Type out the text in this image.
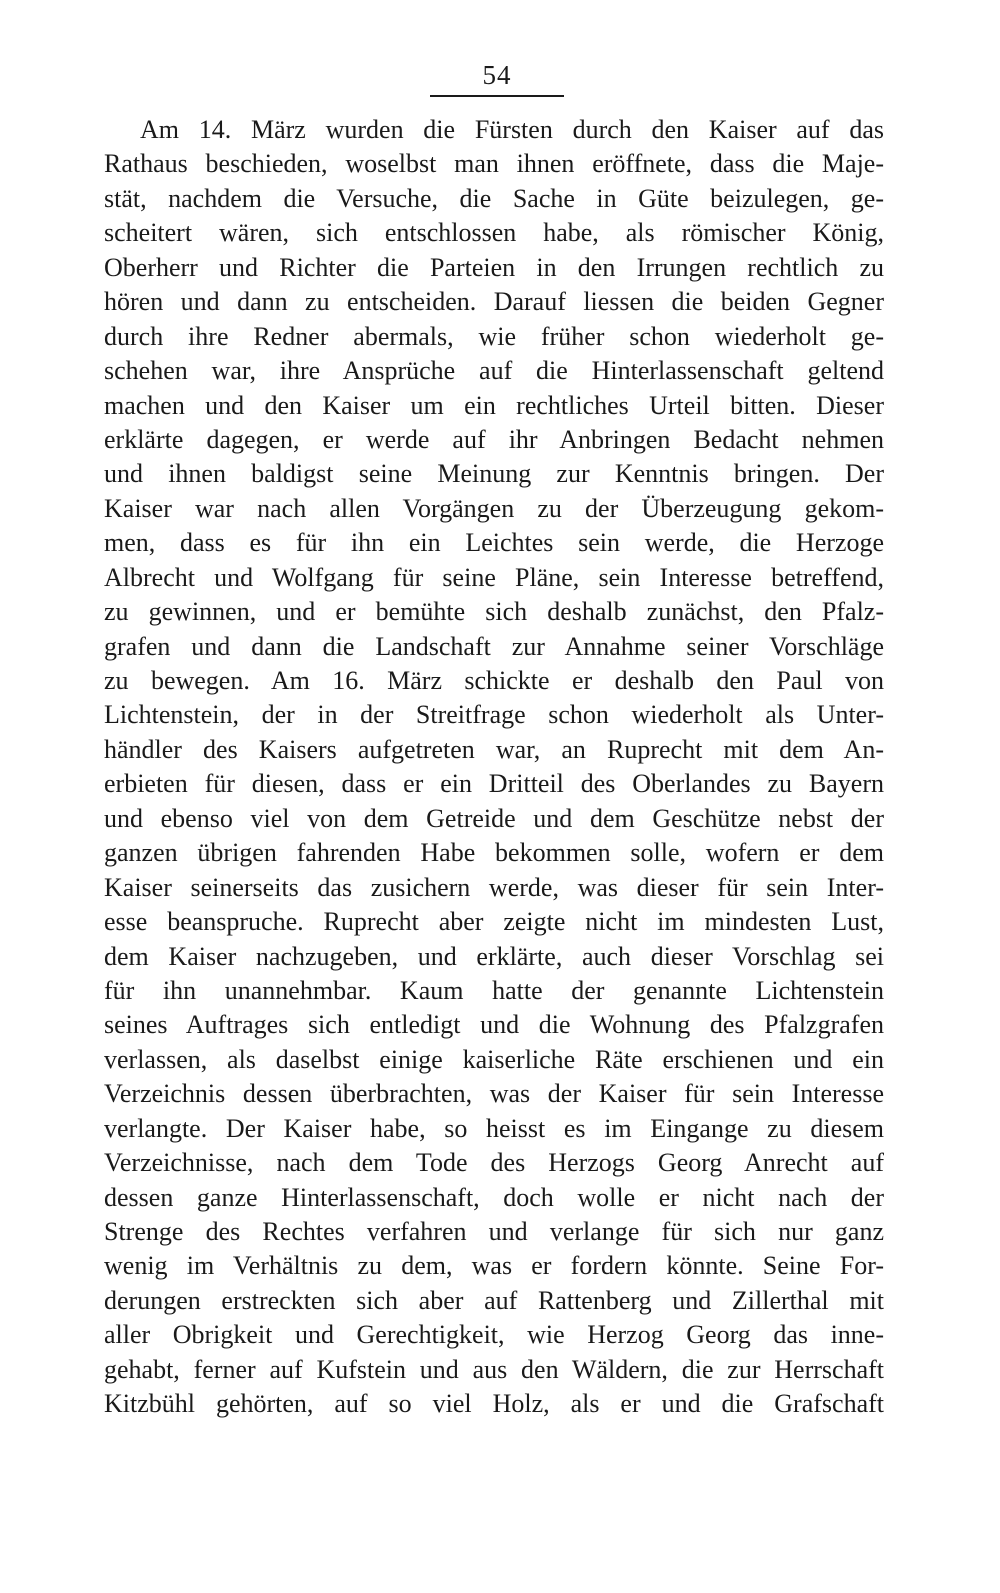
54
Am 14. März wurden die Fürsten durch den Kaiser auf das
Rathaus beschieden, woselbst man ihnen eröffnete, dass die Maje-
stät, nachdem die Versuche, die Sache in Güte beizulegen, ge-
scheitert wären, sich entschlossen habe, als römischer König,
Oberherr und Richter die Parteien in den Irrungen rechtlich zu
hören und dann zu entscheiden. Darauf liessen die beiden Gegner
durch ihre Redner abermals, wie früher schon wiederholt ge-
schehen war, ihre Ansprüche auf die Hinterlassenschaft geltend
machen und den Kaiser um ein rechtliches Urteil bitten. Dieser
erklärte dagegen, er werde auf ihr Anbringen Bedacht nehmen
und ihnen baldigst seine Meinung zur Kenntnis bringen. Der
Kaiser war nach allen Vorgängen zu der Überzeugung gekom-
men, dass es für ihn ein Leichtes sein werde, die Herzoge
Albrecht und Wolfgang für seine Pläne, sein Interesse betreffend,
zu gewinnen, und er bemühte sich deshalb zunächst, den Pfalz-
grafen und dann die Landschaft zur Annahme seiner Vorschläge
zu bewegen. Am 16. März schickte er deshalb den Paul von
Lichtenstein, der in der Streitfrage schon wiederholt als Unter-
händler des Kaisers aufgetreten war, an Ruprecht mit dem An-
erbieten für diesen, dass er ein Dritteil des Oberlandes zu Bayern
und ebenso viel von dem Getreide und dem Geschütze nebst der
ganzen übrigen fahrenden Habe bekommen solle, wofern er dem
Kaiser seinerseits das zusichern werde, was dieser für sein Inter-
esse beanspruche. Ruprecht aber zeigte nicht im mindesten Lust,
dem Kaiser nachzugeben, und erklärte, auch dieser Vorschlag sei
für ihn unannehmbar. Kaum hatte der genannte Lichtenstein
seines Auftrages sich entledigt und die Wohnung des Pfalzgrafen
verlassen, als daselbst einige kaiserliche Räte erschienen und ein
Verzeichnis dessen überbrachten, was der Kaiser für sein Interesse
verlangte. Der Kaiser habe, so heisst es im Eingange zu diesem
Verzeichnisse, nach dem Tode des Herzogs Georg Anrecht auf
dessen ganze Hinterlassenschaft, doch wolle er nicht nach der
Strenge des Rechtes verfahren und verlange für sich nur ganz
wenig im Verhältnis zu dem, was er fordern könnte. Seine For-
derungen erstreckten sich aber auf Rattenberg und Zillerthal mit
aller Obrigkeit und Gerechtigkeit, wie Herzog Georg das inne-
gehabt, ferner auf Kufstein und aus den Wäldern, die zur Herrschaft
Kitzbühl gehörten, auf so viel Holz, als er und die Grafschaft
